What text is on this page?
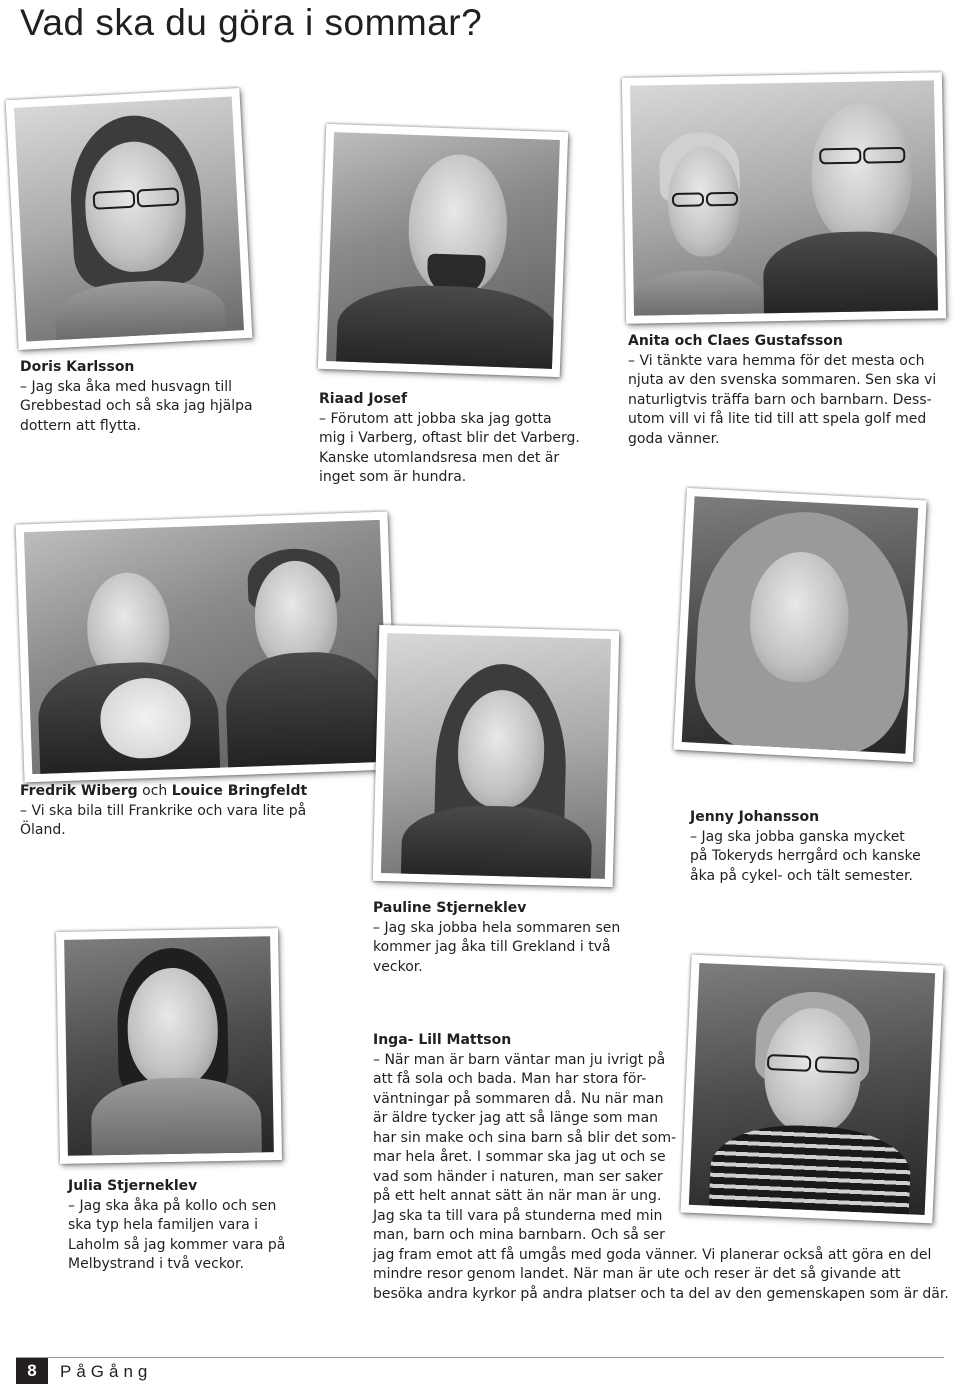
Vad ska du göra i sommar?
Doris Karlsson
– Jag ska åka med husvagn till
Grebbestad och så ska jag hjälpa
dottern att flytta.
Riaad Josef
– Förutom att jobba ska jag gotta
mig i Varberg, oftast blir det Varberg.
Kanske utomlandsresa men det är
inget som är hundra.
Anita och Claes Gustafsson
– Vi tänkte vara hemma för det mesta och
njuta av den svenska sommaren. Sen ska vi
naturligtvis träffa barn och barnbarn. Dess-
utom vill vi få lite tid till att spela golf med
goda vänner.
Fredrik Wiberg och Louice Bringfeldt
– Vi ska bila till Frankrike och vara lite på
Öland.
Jenny Johansson
– Jag ska jobba ganska mycket
på Tokeryds herrgård och kanske
åka på cykel- och tält semester.
Pauline Stjerneklev
– Jag ska jobba hela sommaren sen
kommer jag åka till Grekland i två
veckor.
Julia Stjerneklev
– Jag ska åka på kollo och sen
ska typ hela familjen vara i
Laholm så jag kommer vara på
Melbystrand i två veckor.
Inga- Lill Mattson
– När man är barn väntar man ju ivrigt på
att få sola och bada. Man har stora för-
väntningar på sommaren då. Nu när man
är äldre tycker jag att så länge som man
har sin make och sina barn så blir det som-
mar hela året. I sommar ska jag ut och se
vad som händer i naturen, man ser saker
på ett helt annat sätt än när man är ung.
Jag ska ta till vara på stunderna med min
man, barn och mina barnbarn. Och så ser
jag fram emot att få umgås med goda vänner. Vi planerar också att göra en del
mindre resor genom landet. När man är ute och reser är det så givande att
besöka andra kyrkor på andra platser och ta del av den gemenskapen som är där.
8	PåGång
